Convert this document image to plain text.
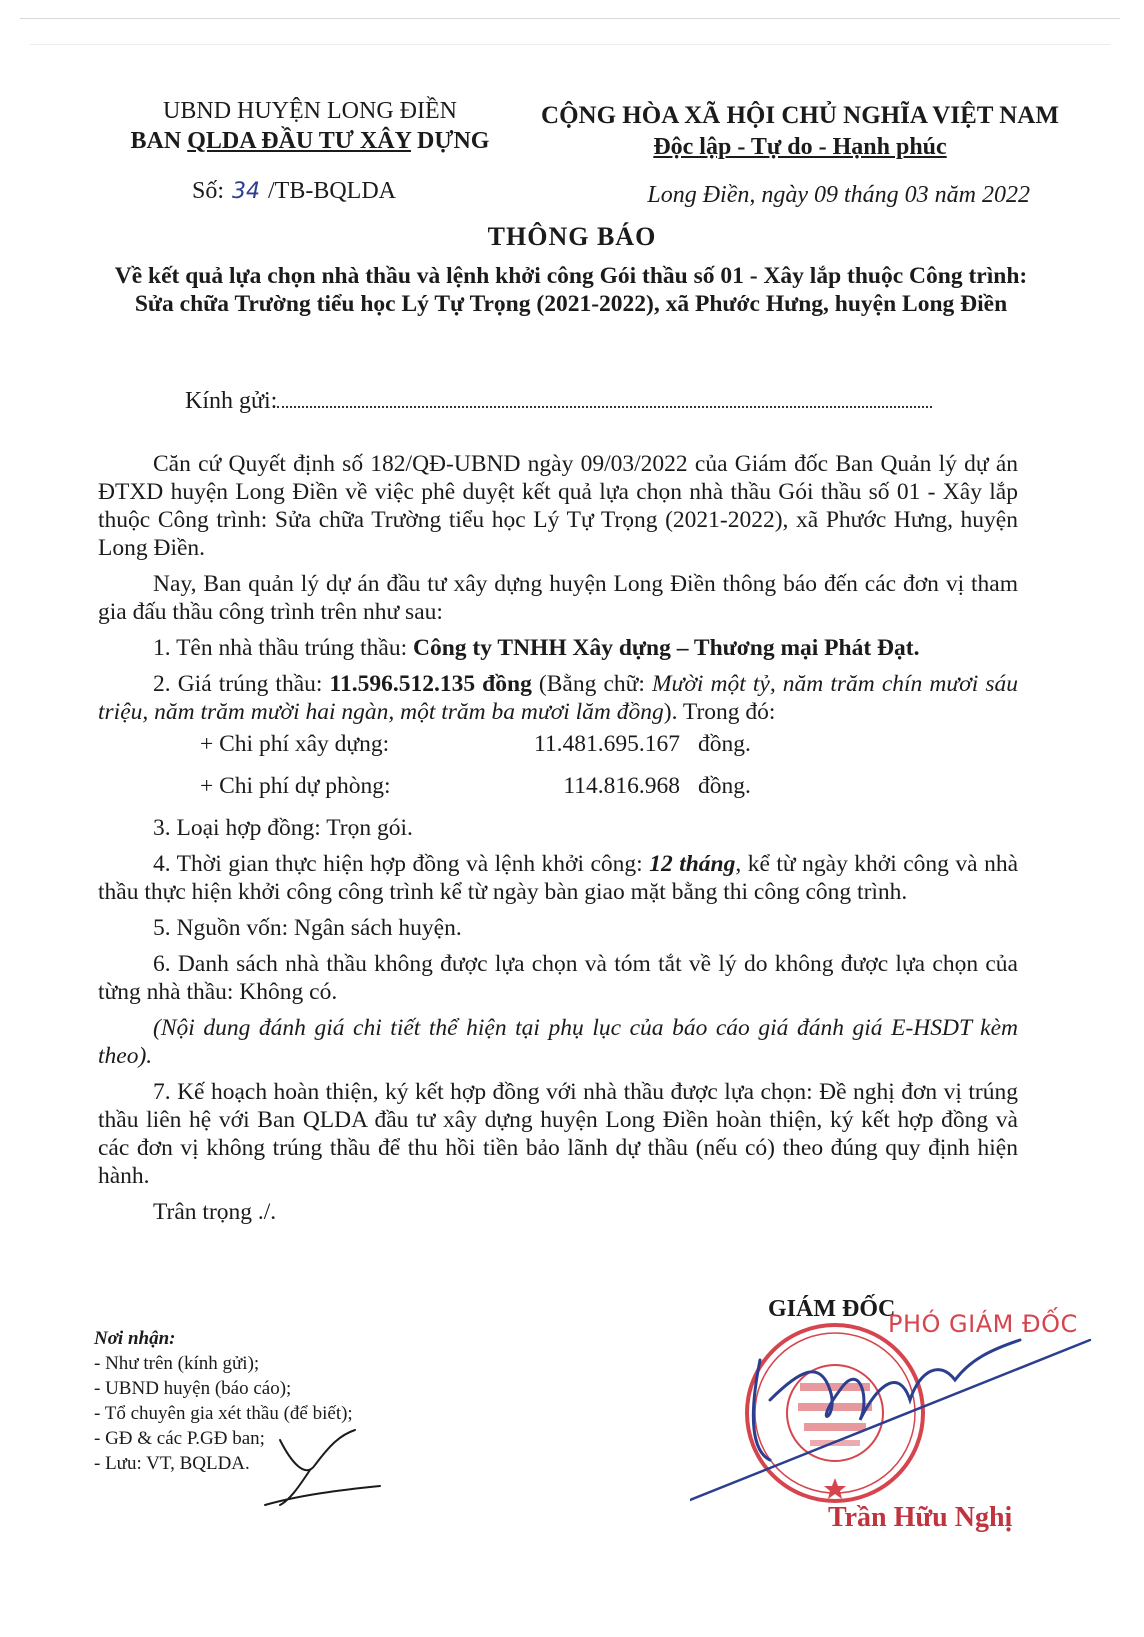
UBND HUYỆN LONG ĐIỀN
BAN QLDA ĐẦU TƯ XÂY DỰNG
CỘNG HÒA XÃ HỘI CHỦ NGHĨA VIỆT NAM
Độc lập - Tự do - Hạnh phúc
Số: 34 /TB-BQLDA	Long Điền, ngày 09 tháng 03 năm 2022
THÔNG BÁO
Về kết quả lựa chọn nhà thầu và lệnh khởi công Gói thầu số 01 - Xây lắp thuộc Công trình: Sửa chữa Trường tiểu học Lý Tự Trọng (2021-2022), xã Phước Hưng, huyện Long Điền
Kính gửi:

Căn cứ Quyết định số 182/QĐ-UBND ngày 09/03/2022 của Giám đốc Ban Quản lý dự án ĐTXD huyện Long Điền về việc phê duyệt kết quả lựa chọn nhà thầu Gói thầu số 01 - Xây lắp thuộc Công trình: Sửa chữa Trường tiểu học Lý Tự Trọng (2021-2022), xã Phước Hưng, huyện Long Điền.

Nay, Ban quản lý dự án đầu tư xây dựng huyện Long Điền thông báo đến các đơn vị tham gia đấu thầu công trình trên như sau:

1. Tên nhà thầu trúng thầu: Công ty TNHH Xây dựng – Thương mại Phát Đạt.

2. Giá trúng thầu: 11.596.512.135 đồng (Bằng chữ: Mười một tỷ, năm trăm chín mươi sáu triệu, năm trăm mười hai ngàn, một trăm ba mươi lăm đồng). Trong đó:

+ Chi phí xây dựng:	11.481.695.167 đồng.
+ Chi phí dự phòng:	114.816.968 đồng.

3. Loại hợp đồng: Trọn gói.

4. Thời gian thực hiện hợp đồng và lệnh khởi công: 12 tháng, kể từ ngày khởi công và nhà thầu thực hiện khởi công công trình kể từ ngày bàn giao mặt bằng thi công công trình.

5. Nguồn vốn: Ngân sách huyện.

6. Danh sách nhà thầu không được lựa chọn và tóm tắt về lý do không được lựa chọn của từng nhà thầu: Không có.

(Nội dung đánh giá chi tiết thể hiện tại phụ lục của báo cáo giá đánh giá E-HSDT kèm theo).

7. Kế hoạch hoàn thiện, ký kết hợp đồng với nhà thầu được lựa chọn: Đề nghị đơn vị trúng thầu liên hệ với Ban QLDA đầu tư xây dựng huyện Long Điền hoàn thiện, ký kết hợp đồng và các đơn vị không trúng thầu để thu hồi tiền bảo lãnh dự thầu (nếu có) theo đúng quy định hiện hành.

Trân trọng ./.

GIÁM ĐỐC
PHÓ GIÁM ĐỐC
Trần Hữu Nghị
Nơi nhận:
- Như trên (kính gửi);
- UBND huyện (báo cáo);
- Tổ chuyên gia xét thầu (để biết);
- GĐ & các P.GĐ ban;
- Lưu: VT, BQLDA.
